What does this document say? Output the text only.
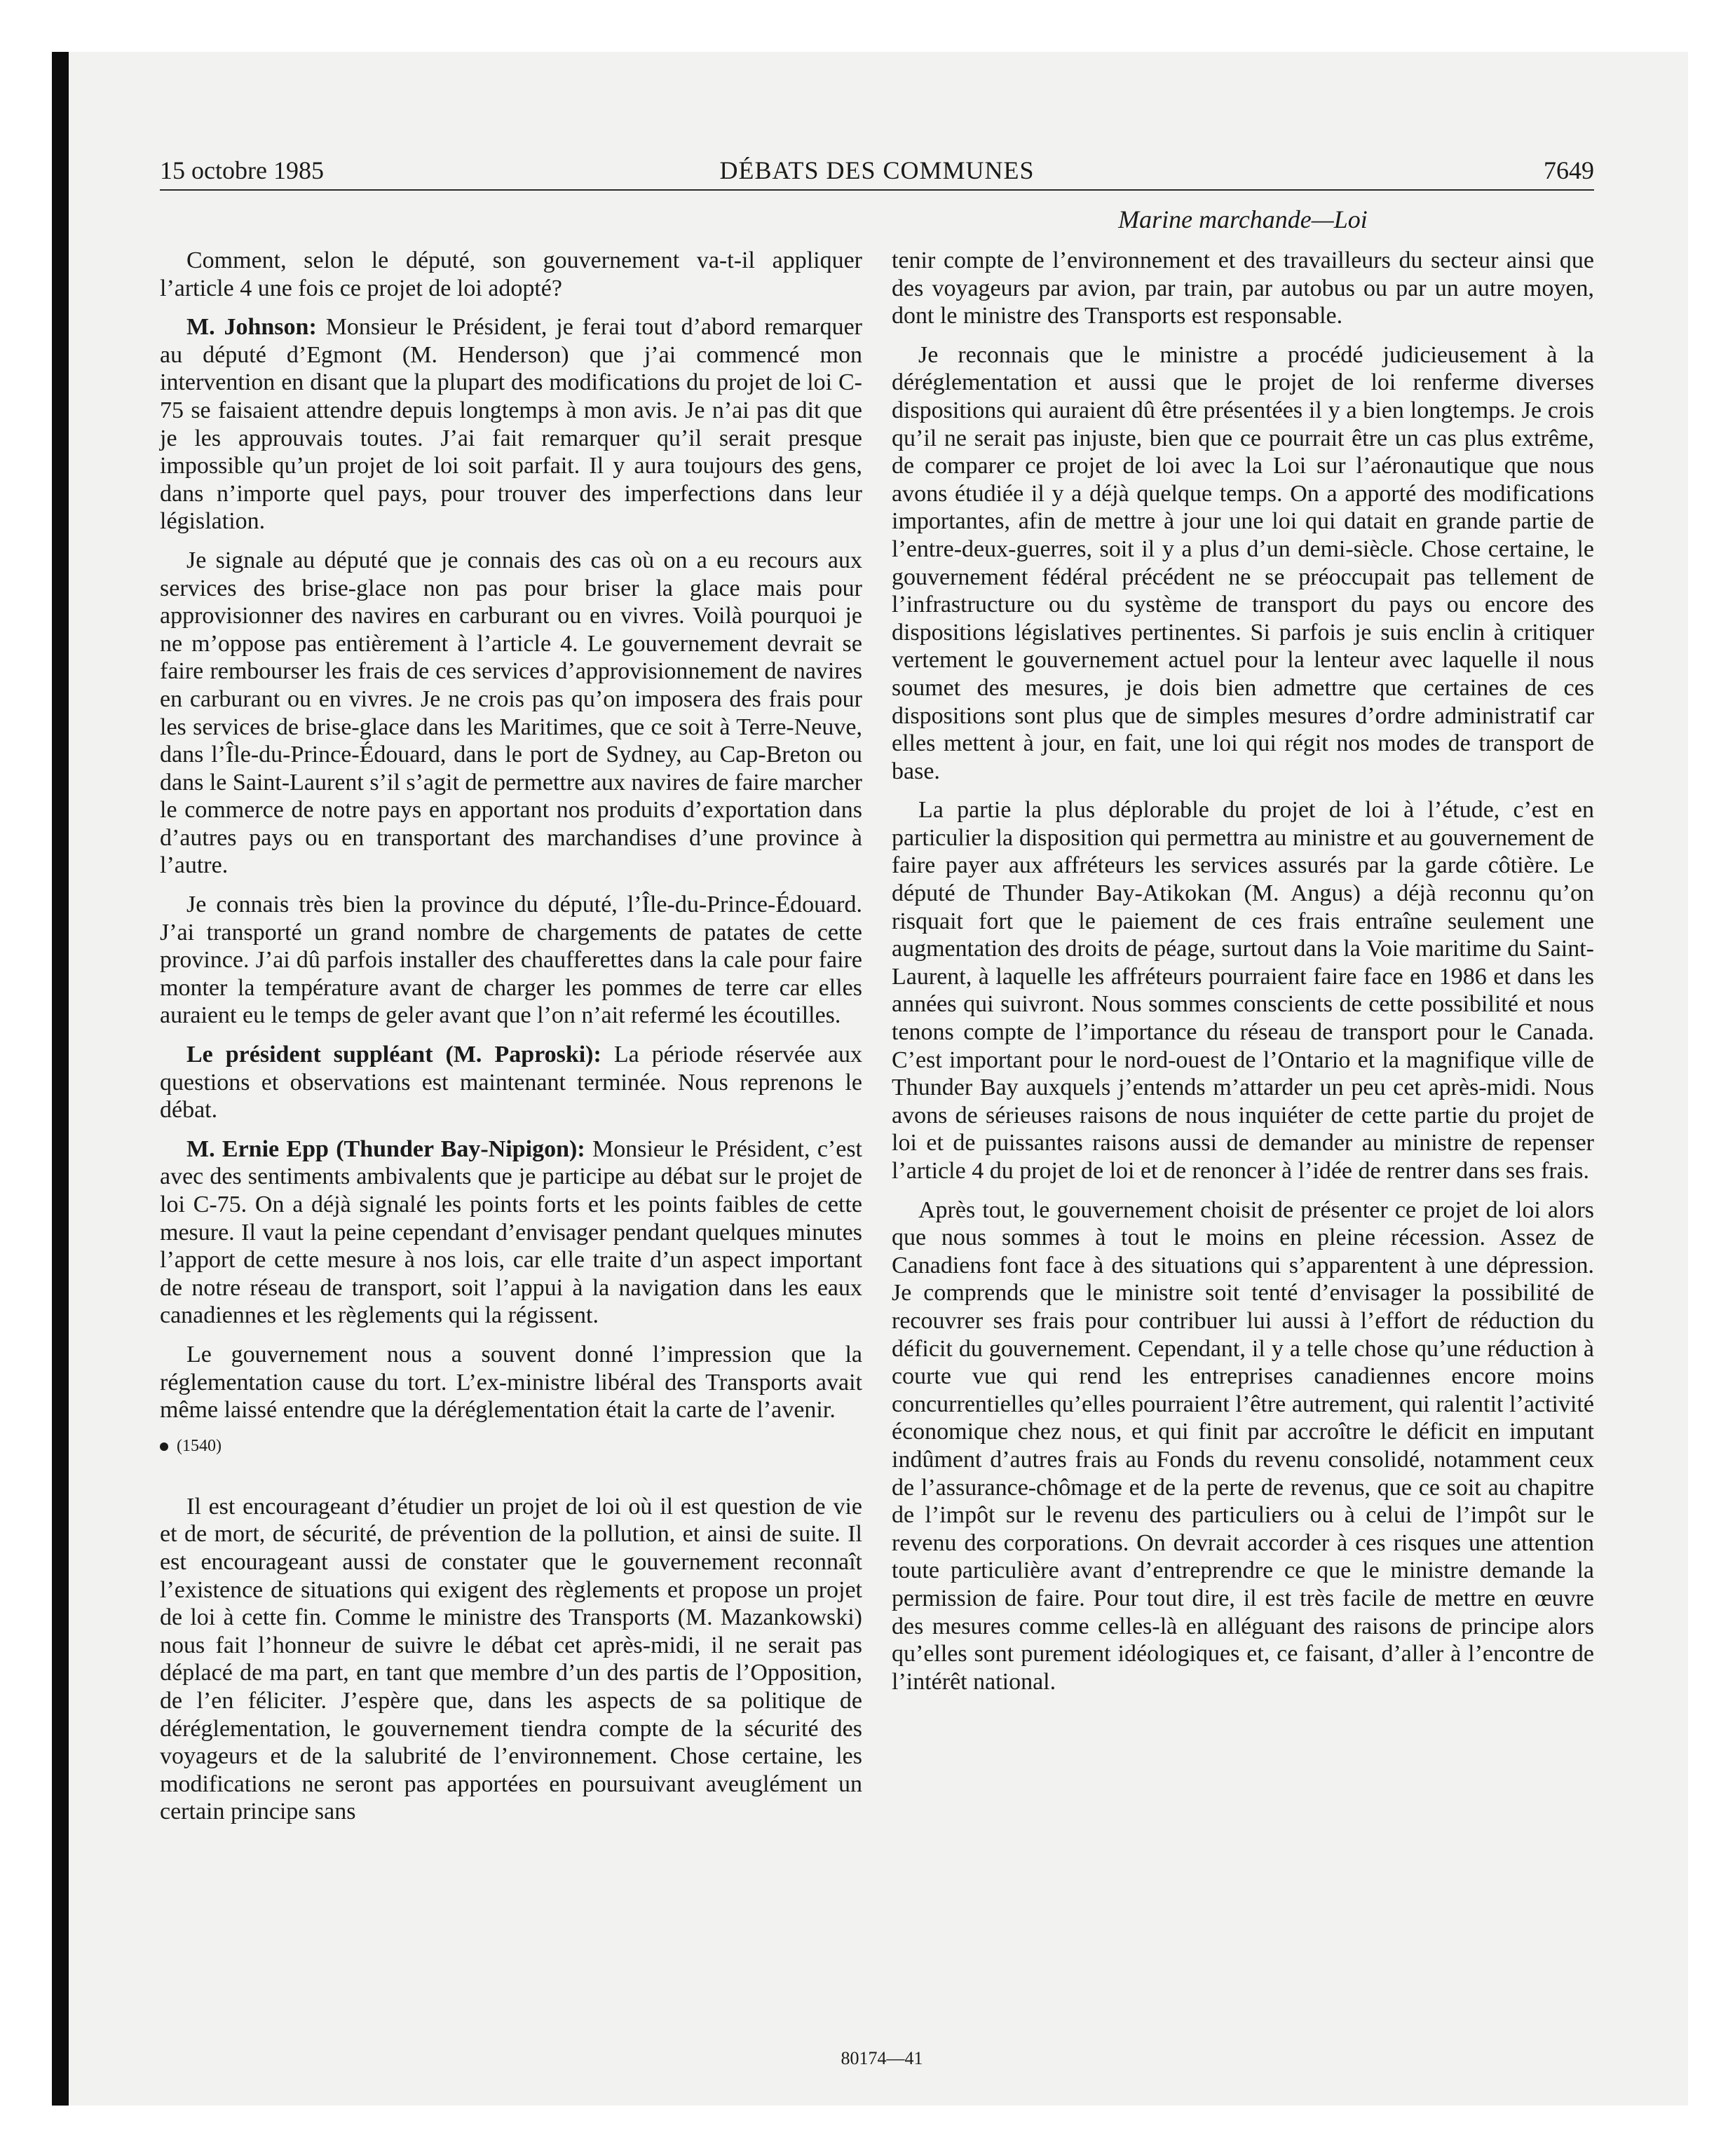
15 octobre 1985	DÉBATS DES COMMUNES	7649
Marine marchande—Loi

Comment, selon le député, son gouvernement va-t-il appliquer l’article 4 une fois ce projet de loi adopté?

M. Johnson: Monsieur le Président, je ferai tout d’abord remarquer au député d’Egmont (M. Henderson) que j’ai commencé mon intervention en disant que la plupart des modifications du projet de loi C-75 se faisaient attendre depuis longtemps à mon avis. Je n’ai pas dit que je les approuvais toutes. J’ai fait remarquer qu’il serait presque impossible qu’un projet de loi soit parfait. Il y aura toujours des gens, dans n’importe quel pays, pour trouver des imperfections dans leur législation.

Je signale au député que je connais des cas où on a eu recours aux services des brise-glace non pas pour briser la glace mais pour approvisionner des navires en carburant ou en vivres. Voilà pourquoi je ne m’oppose pas entièrement à l’article 4. Le gouvernement devrait se faire rembourser les frais de ces services d’approvisionnement de navires en carburant ou en vivres. Je ne crois pas qu’on imposera des frais pour les services de brise-glace dans les Maritimes, que ce soit à Terre-Neuve, dans l’Île-du-Prince-Édouard, dans le port de Sydney, au Cap-Breton ou dans le Saint-Laurent s’il s’agit de permettre aux navires de faire marcher le commerce de notre pays en apportant nos produits d’exportation dans d’autres pays ou en transportant des marchandises d’une province à l’autre.

Je connais très bien la province du député, l’Île-du-Prince-Édouard. J’ai transporté un grand nombre de chargements de patates de cette province. J’ai dû parfois installer des chaufferettes dans la cale pour faire monter la température avant de charger les pommes de terre car elles auraient eu le temps de geler avant que l’on n’ait refermé les écoutilles.

Le président suppléant (M. Paproski): La période réservée aux questions et observations est maintenant terminée. Nous reprenons le débat.

M. Ernie Epp (Thunder Bay-Nipigon): Monsieur le Président, c’est avec des sentiments ambivalents que je participe au débat sur le projet de loi C-75. On a déjà signalé les points forts et les points faibles de cette mesure. Il vaut la peine cependant d’envisager pendant quelques minutes l’apport de cette mesure à nos lois, car elle traite d’un aspect important de notre réseau de transport, soit l’appui à la navigation dans les eaux canadiennes et les règlements qui la régissent.

Le gouvernement nous a souvent donné l’impression que la réglementation cause du tort. L’ex-ministre libéral des Transports avait même laissé entendre que la déréglementation était la carte de l’avenir.

(1540)

Il est encourageant d’étudier un projet de loi où il est question de vie et de mort, de sécurité, de prévention de la pollution, et ainsi de suite. Il est encourageant aussi de constater que le gouvernement reconnaît l’existence de situations qui exigent des règlements et propose un projet de loi à cette fin. Comme le ministre des Transports (M. Mazankowski) nous fait l’honneur de suivre le débat cet après-midi, il ne serait pas déplacé de ma part, en tant que membre d’un des partis de l’Opposition, de l’en féliciter. J’espère que, dans les aspects de sa politique de déréglementation, le gouvernement tiendra compte de la sécurité des voyageurs et de la salubrité de l’environnement. Chose certaine, les modifications ne seront pas apportées en poursuivant aveuglément un certain principe sans

tenir compte de l’environnement et des travailleurs du secteur ainsi que des voyageurs par avion, par train, par autobus ou par un autre moyen, dont le ministre des Transports est responsable.

Je reconnais que le ministre a procédé judicieusement à la déréglementation et aussi que le projet de loi renferme diverses dispositions qui auraient dû être présentées il y a bien longtemps. Je crois qu’il ne serait pas injuste, bien que ce pourrait être un cas plus extrême, de comparer ce projet de loi avec la Loi sur l’aéronautique que nous avons étudiée il y a déjà quelque temps. On a apporté des modifications importantes, afin de mettre à jour une loi qui datait en grande partie de l’entre-deux-guerres, soit il y a plus d’un demi-siècle. Chose certaine, le gouvernement fédéral précédent ne se préoccupait pas tellement de l’infrastructure ou du système de transport du pays ou encore des dispositions législatives pertinentes. Si parfois je suis enclin à critiquer vertement le gouvernement actuel pour la lenteur avec laquelle il nous soumet des mesures, je dois bien admettre que certaines de ces dispositions sont plus que de simples mesures d’ordre administratif car elles mettent à jour, en fait, une loi qui régit nos modes de transport de base.

La partie la plus déplorable du projet de loi à l’étude, c’est en particulier la disposition qui permettra au ministre et au gouvernement de faire payer aux affréteurs les services assurés par la garde côtière. Le député de Thunder Bay-Atikokan (M. Angus) a déjà reconnu qu’on risquait fort que le paiement de ces frais entraîne seulement une augmentation des droits de péage, surtout dans la Voie maritime du Saint-Laurent, à laquelle les affréteurs pourraient faire face en 1986 et dans les années qui suivront. Nous sommes conscients de cette possibilité et nous tenons compte de l’importance du réseau de transport pour le Canada. C’est important pour le nord-ouest de l’Ontario et la magnifique ville de Thunder Bay auxquels j’entends m’attarder un peu cet après-midi. Nous avons de sérieuses raisons de nous inquiéter de cette partie du projet de loi et de puissantes raisons aussi de demander au ministre de repenser l’article 4 du projet de loi et de renoncer à l’idée de rentrer dans ses frais.

Après tout, le gouvernement choisit de présenter ce projet de loi alors que nous sommes à tout le moins en pleine récession. Assez de Canadiens font face à des situations qui s’apparentent à une dépression. Je comprends que le ministre soit tenté d’envisager la possibilité de recouvrer ses frais pour contribuer lui aussi à l’effort de réduction du déficit du gouvernement. Cependant, il y a telle chose qu’une réduction à courte vue qui rend les entreprises canadiennes encore moins concurrentielles qu’elles pourraient l’être autrement, qui ralentit l’activité économique chez nous, et qui finit par accroître le déficit en imputant indûment d’autres frais au Fonds du revenu consolidé, notamment ceux de l’assurance-chômage et de la perte de revenus, que ce soit au chapitre de l’impôt sur le revenu des particuliers ou à celui de l’impôt sur le revenu des corporations. On devrait accorder à ces risques une attention toute particulière avant d’entreprendre ce que le ministre demande la permission de faire. Pour tout dire, il est très facile de mettre en œuvre des mesures comme celles-là en alléguant des raisons de principe alors qu’elles sont purement idéologiques et, ce faisant, d’aller à l’encontre de l’intérêt national.

80174—41
